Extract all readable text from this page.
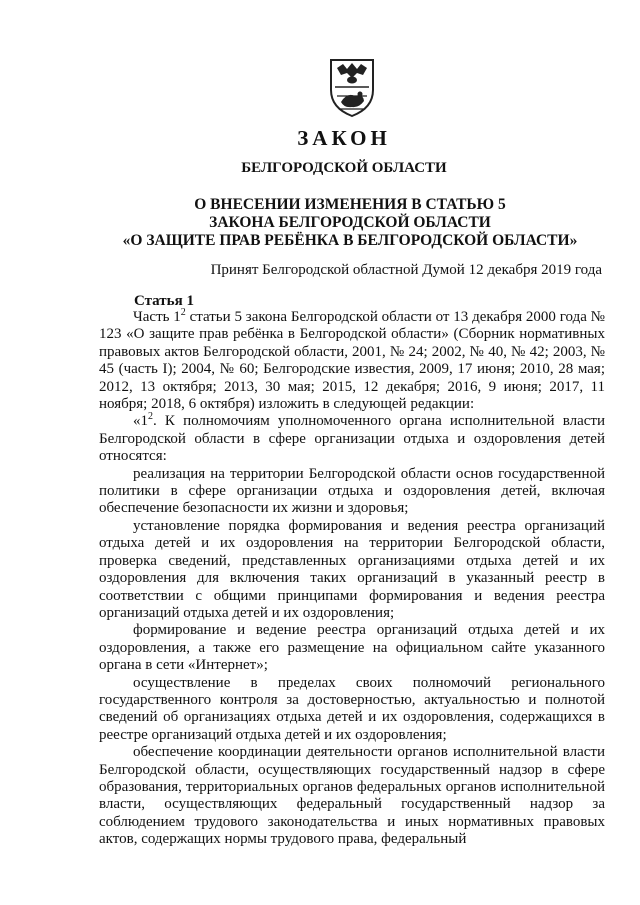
ЗАКОН
БЕЛГОРОДСКОЙ ОБЛАСТИ
О ВНЕСЕНИИ ИЗМЕНЕНИЯ В СТАТЬЮ 5
ЗАКОНА БЕЛГОРОДСКОЙ ОБЛАСТИ
«О ЗАЩИТЕ ПРАВ РЕБЁНКА В БЕЛГОРОДСКОЙ ОБЛАСТИ»
Принят Белгородской областной Думой 12 декабря 2019 года
Статья 1

Часть $1^2$ статьи 5 закона Белгородской области от 13 декабря 2000 года № 123 «О защите прав ребёнка в Белгородской области» (Сборник нормативных правовых актов Белгородской области, 2001, № 24; 2002, № 40, № 42; 2003, № 45 (часть I); 2004, № 60; Белгородские известия, 2009, 17 июня; 2010, 28 мая; 2012, 13 октября; 2013, 30 мая; 2015, 12 декабря; 2016, 9 июня; 2017, 11 ноября; 2018, 6 октября) изложить в следующей редакции:

«$1^2$. К полномочиям уполномоченного органа исполнительной власти Белгородской области в сфере организации отдыха и оздоровления детей относятся:

реализация на территории Белгородской области основ государственной политики в сфере организации отдыха и оздоровления детей, включая обеспечение безопасности их жизни и здоровья;

установление порядка формирования и ведения реестра организаций отдыха детей и их оздоровления на территории Белгородской области, проверка сведений, представленных организациями отдыха детей и их оздоровления для включения таких организаций в указанный реестр в соответствии с общими принципами формирования и ведения реестра организаций отдыха детей и их оздоровления;

формирование и ведение реестра организаций отдыха детей и их оздоровления, а также его размещение на официальном сайте указанного органа в сети «Интернет»;

осуществление в пределах своих полномочий регионального государственного контроля за достоверностью, актуальностью и полнотой сведений об организациях отдыха детей и их оздоровления, содержащихся в реестре организаций отдыха детей и их оздоровления;

обеспечение координации деятельности органов исполнительной власти Белгородской области, осуществляющих государственный надзор в сфере образования, территориальных органов федеральных органов исполнительной власти, осуществляющих федеральный государственный надзор за соблюдением трудового законодательства и иных нормативных правовых актов, содержащих нормы трудового права, федеральный
